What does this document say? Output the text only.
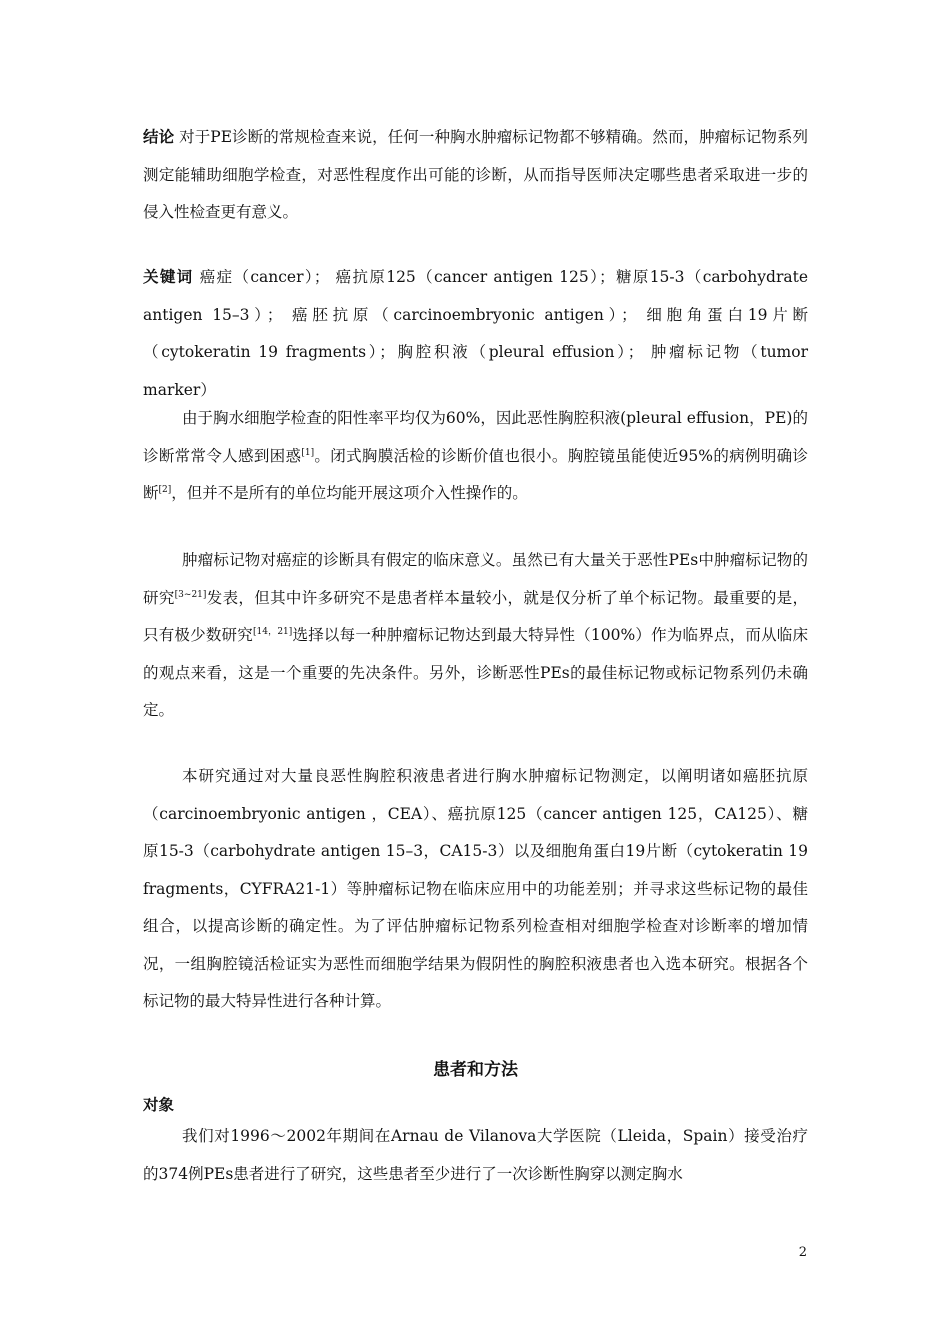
结论 对于PE诊断的常规检查来说，任何一种胸水肿瘤标记物都不够精确。然而，肿瘤标记物系列测定能辅助细胞学检查，对恶性程度作出可能的诊断，从而指导医师决定哪些患者采取进一步的侵入性检查更有意义。

关键词 癌症（cancer）； 癌抗原125（cancer antigen 125）；糖原15-3（carbohydrate antigen 15–3）； 癌胚抗原（carcinoembryonic antigen）； 细胞角蛋白19片断（cytokeratin 19 fragments）；胸腔积液（pleural effusion）； 肿瘤标记物（tumor marker）

由于胸水细胞学检查的阳性率平均仅为60%，因此恶性胸腔积液(pleural effusion，PE)的诊断常常令人感到困惑[1]。闭式胸膜活检的诊断价值也很小。胸腔镜虽能使近95%的病例明确诊断[2]，但并不是所有的单位均能开展这项介入性操作的。

肿瘤标记物对癌症的诊断具有假定的临床意义。虽然已有大量关于恶性PEs中肿瘤标记物的研究[3~21]发表，但其中许多研究不是患者样本量较小，就是仅分析了单个标记物。最重要的是，只有极少数研究[14，21]选择以每一种肿瘤标记物达到最大特异性（100%）作为临界点，而从临床的观点来看，这是一个重要的先决条件。另外，诊断恶性PEs的最佳标记物或标记物系列仍未确定。

本研究通过对大量良恶性胸腔积液患者进行胸水肿瘤标记物测定，以阐明诸如癌胚抗原（carcinoembryonic antigen ，CEA）、癌抗原125（cancer antigen 125，CA125）、糖原15-3（carbohydrate antigen 15–3，CA15-3）以及细胞角蛋白19片断（cytokeratin 19 fragments，CYFRA21-1）等肿瘤标记物在临床应用中的功能差别；并寻求这些标记物的最佳组合，以提高诊断的确定性。为了评估肿瘤标记物系列检查相对细胞学检查对诊断率的增加情况，一组胸腔镜活检证实为恶性而细胞学结果为假阴性的胸腔积液患者也入选本研究。根据各个标记物的最大特异性进行各种计算。

患者和方法
对象

我们对1996～2002年期间在Arnau de Vilanova大学医院（Lleida，Spain）接受治疗的374例PEs患者进行了研究，这些患者至少进行了一次诊断性胸穿以测定胸水

2
